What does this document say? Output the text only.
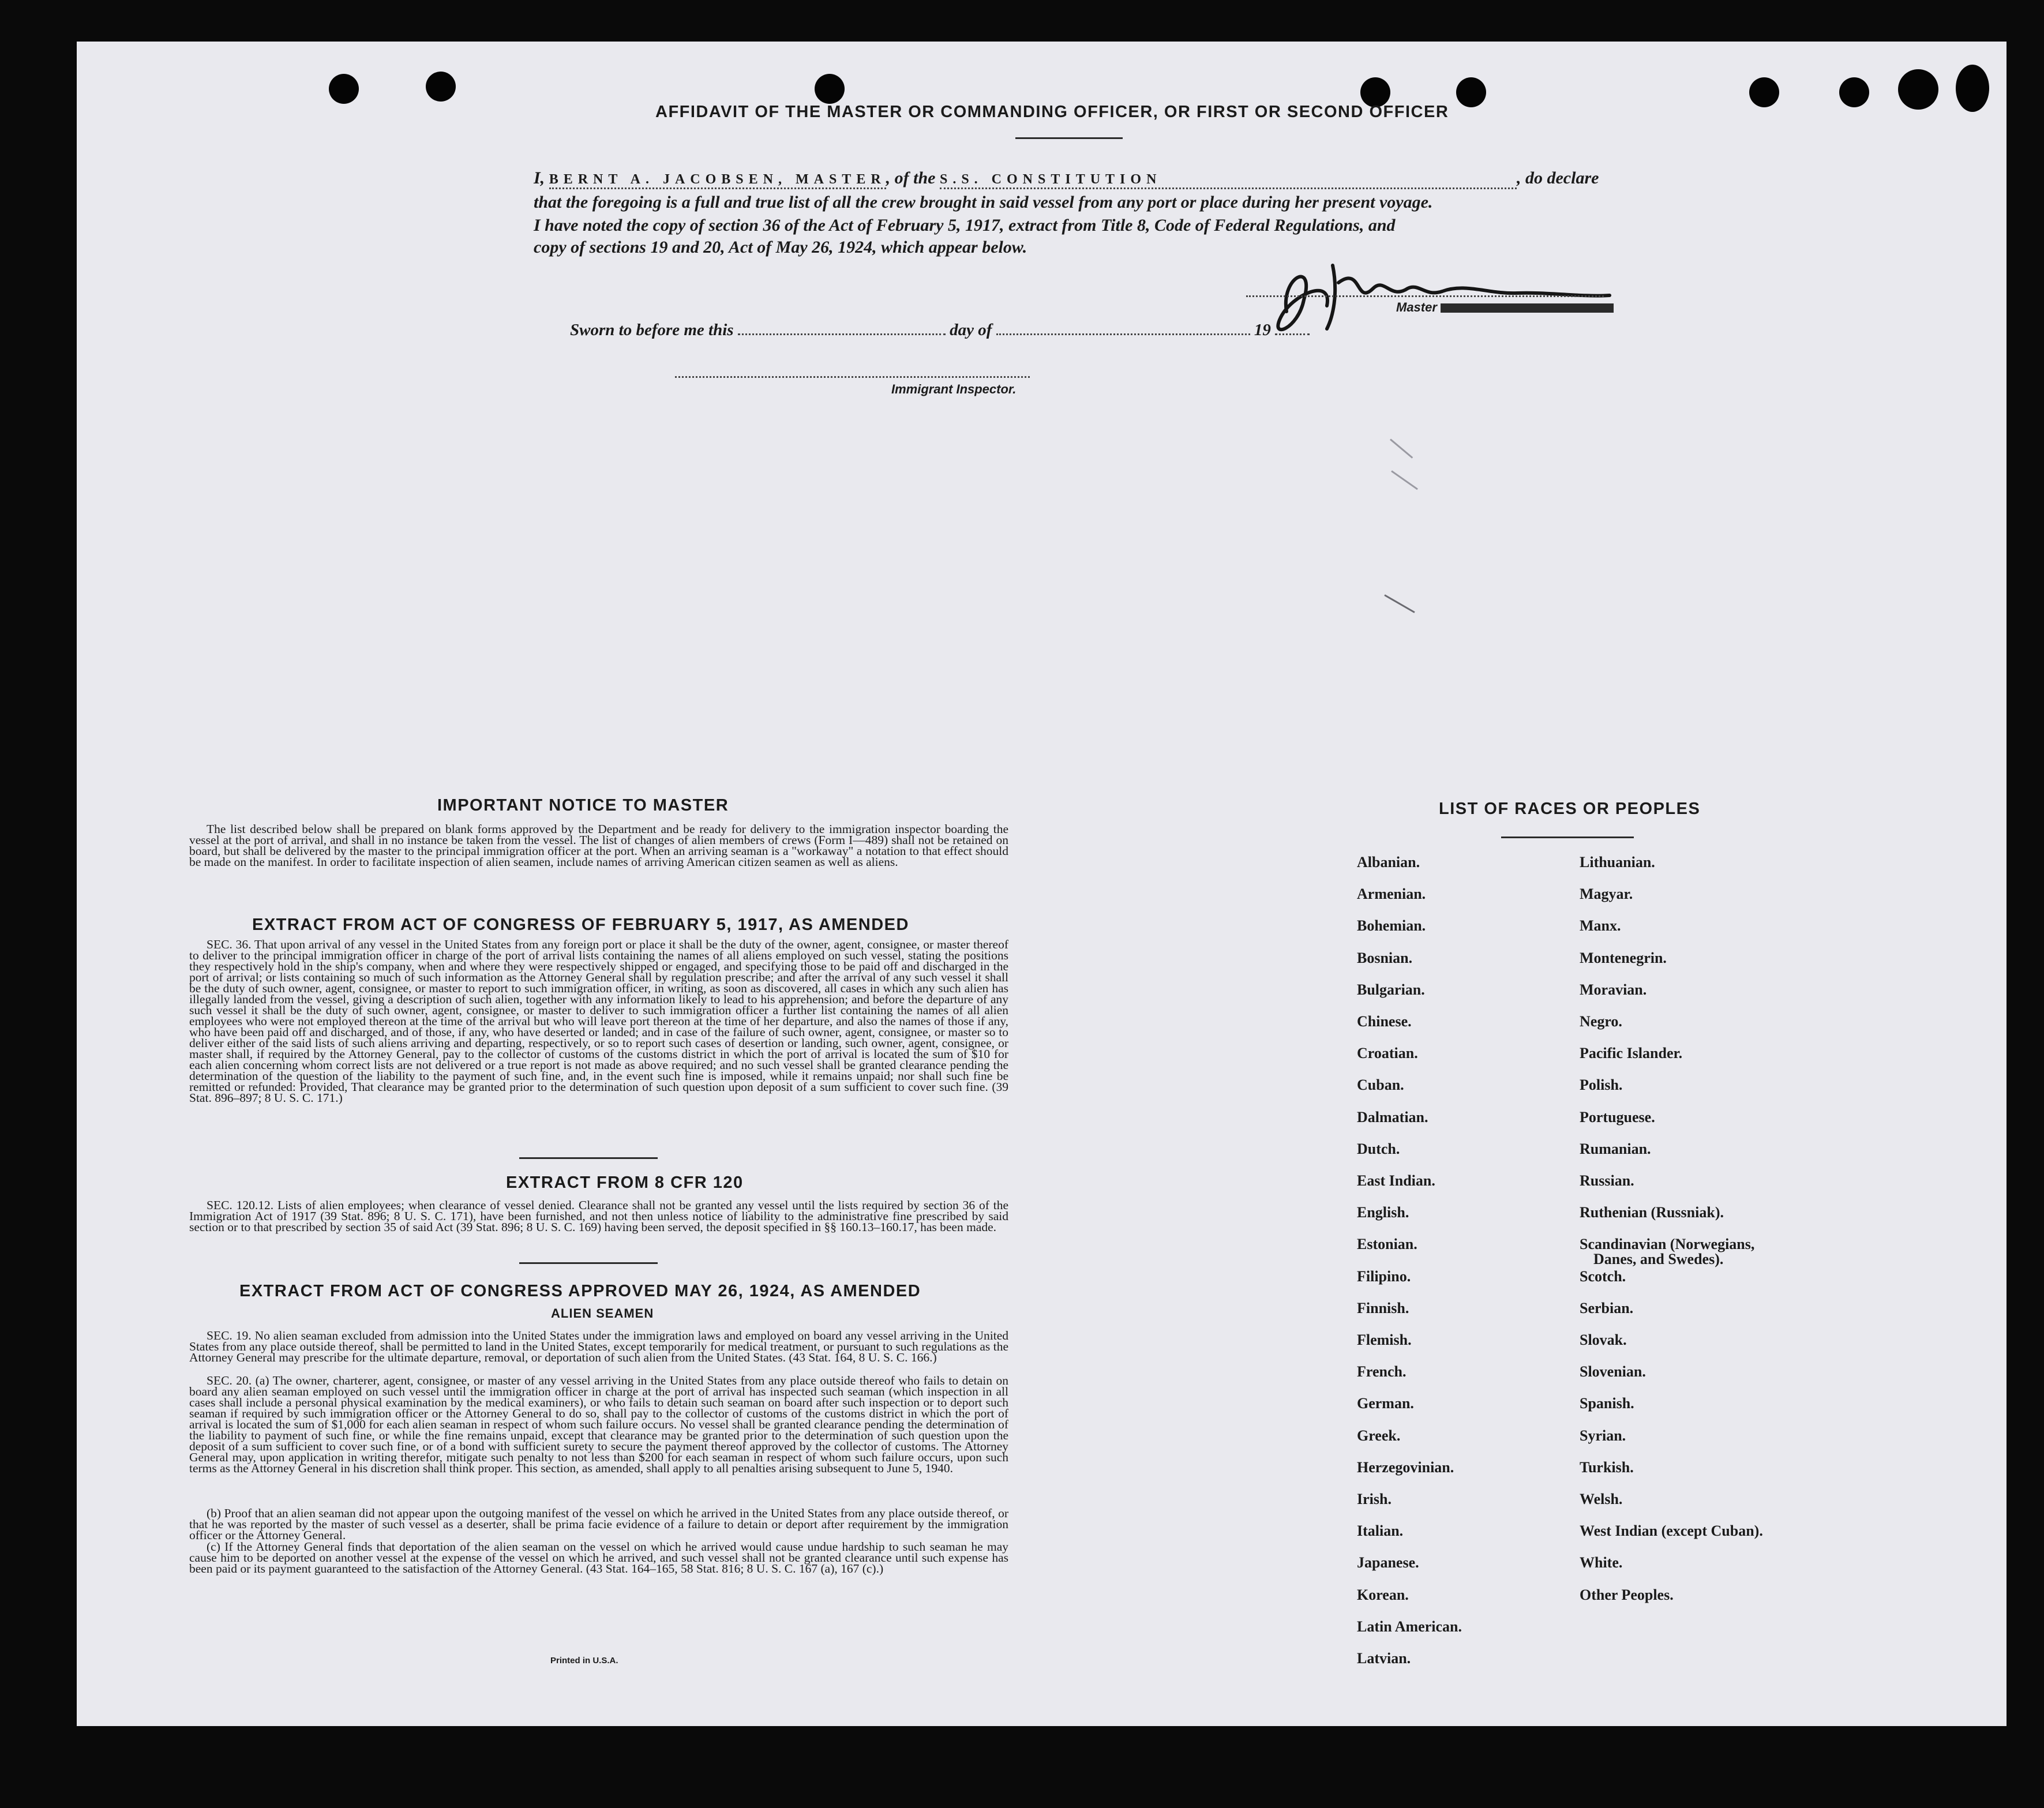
AFFIDAVIT OF THE MASTER OR COMMANDING OFFICER, OR FIRST OR SECOND OFFICER
I, BERNT A. JACOBSEN, MASTER, of the S.S. CONSTITUTION	, do declare
that the foregoing is a full and true list of all the crew brought in said vessel from any port or place during her present voyage.
I have noted the copy of section 36 of the Act of February 5, 1917, extract from Title 8, Code of Federal Regulations, and
copy of sections 19 and 20, Act of May 26, 1924, which appear below.
Master
Sworn to before me this	day of	19
Immigrant Inspector.
IMPORTANT NOTICE TO MASTER

The list described below shall be prepared on blank forms approved by the Department and be ready for delivery to the immigration inspector boarding the vessel at the port of arrival, and shall in no instance be taken from the vessel. The list of changes of alien members of crews (Form I—489) shall not be retained on board, but shall be delivered by the master to the principal immigration officer at the port. When an arriving seaman is a "workaway" a notation to that effect should be made on the manifest. In order to facilitate inspection of alien seamen, include names of arriving American citizen seamen as well as aliens.

EXTRACT FROM ACT OF CONGRESS OF FEBRUARY 5, 1917, AS AMENDED

SEC. 36. That upon arrival of any vessel in the United States from any foreign port or place it shall be the duty of the owner, agent, consignee, or master thereof to deliver to the principal immigration officer in charge of the port of arrival lists containing the names of all aliens employed on such vessel, stating the positions they respectively hold in the ship's company, when and where they were respectively shipped or engaged, and specifying those to be paid off and discharged in the port of arrival; or lists containing so much of such information as the Attorney General shall by regulation prescribe; and after the arrival of any such vessel it shall be the duty of such owner, agent, consignee, or master to report to such immigration officer, in writing, as soon as discovered, all cases in which any such alien has illegally landed from the vessel, giving a description of such alien, together with any information likely to lead to his apprehension; and before the departure of any such vessel it shall be the duty of such owner, agent, consignee, or master to deliver to such immigration officer a further list containing the names of all alien employees who were not employed thereon at the time of the arrival but who will leave port thereon at the time of her departure, and also the names of those if any, who have been paid off and discharged, and of those, if any, who have deserted or landed; and in case of the failure of such owner, agent, consignee, or master so to deliver either of the said lists of such aliens arriving and departing, respectively, or so to report such cases of desertion or landing, such owner, agent, consignee, or master shall, if required by the Attorney General, pay to the collector of customs of the customs district in which the port of arrival is located the sum of $10 for each alien concerning whom correct lists are not delivered or a true report is not made as above required; and no such vessel shall be granted clearance pending the determination of the question of the liability to the payment of such fine, and, in the event such fine is imposed, while it remains unpaid; nor shall such fine be remitted or refunded: Provided, That clearance may be granted prior to the determination of such question upon deposit of a sum sufficient to cover such fine. (39 Stat. 896–897; 8 U. S. C. 171.)

EXTRACT FROM 8 CFR 120

SEC. 120.12. Lists of alien employees; when clearance of vessel denied. Clearance shall not be granted any vessel until the lists required by section 36 of the Immigration Act of 1917 (39 Stat. 896; 8 U. S. C. 171), have been furnished, and not then unless notice of liability to the administrative fine prescribed by said section or to that prescribed by section 35 of said Act (39 Stat. 896; 8 U. S. C. 169) having been served, the deposit specified in §§ 160.13–160.17, has been made.

EXTRACT FROM ACT OF CONGRESS APPROVED MAY 26, 1924, AS AMENDED
ALIEN SEAMEN

SEC. 19. No alien seaman excluded from admission into the United States under the immigration laws and employed on board any vessel arriving in the United States from any place outside thereof, shall be permitted to land in the United States, except temporarily for medical treatment, or pursuant to such regulations as the Attorney General may prescribe for the ultimate departure, removal, or deportation of such alien from the United States. (43 Stat. 164, 8 U. S. C. 166.)

SEC. 20. (a) The owner, charterer, agent, consignee, or master of any vessel arriving in the United States from any place outside thereof who fails to detain on board any alien seaman employed on such vessel until the immigration officer in charge at the port of arrival has inspected such seaman (which inspection in all cases shall include a personal physical examination by the medical examiners), or who fails to detain such seaman on board after such inspection or to deport such seaman if required by such immigration officer or the Attorney General to do so, shall pay to the collector of customs of the customs district in which the port of arrival is located the sum of $1,000 for each alien seaman in respect of whom such failure occurs. No vessel shall be granted clearance pending the determination of the liability to payment of such fine, or while the fine remains unpaid, except that clearance may be granted prior to the determination of such question upon the deposit of a sum sufficient to cover such fine, or of a bond with sufficient surety to secure the payment thereof approved by the collector of customs. The Attorney General may, upon application in writing therefor, mitigate such penalty to not less than $200 for each seaman in respect of whom such failure occurs, upon such terms as the Attorney General in his discretion shall think proper. This section, as amended, shall apply to all penalties arising subsequent to June 5, 1940.

(b) Proof that an alien seaman did not appear upon the outgoing manifest of the vessel on which he arrived in the United States from any place outside thereof, or that he was reported by the master of such vessel as a deserter, shall be prima facie evidence of a failure to detain or deport after requirement by the immigration officer or the Attorney General.

(c) If the Attorney General finds that deportation of the alien seaman on the vessel on which he arrived would cause undue hardship to such seaman he may cause him to be deported on another vessel at the expense of the vessel on which he arrived, and such vessel shall not be granted clearance until such expense has been paid or its payment guaranteed to the satisfaction of the Attorney General. (43 Stat. 164–165, 58 Stat. 816; 8 U. S. C. 167 (a), 167 (c).)

Printed in U.S.A.
LIST OF RACES OR PEOPLES
Albanian.
Armenian.
Bohemian.
Bosnian.
Bulgarian.
Chinese.
Croatian.
Cuban.
Dalmatian.
Dutch.
East Indian.
English.
Estonian.
Filipino.
Finnish.
Flemish.
French.
German.
Greek.
Herzegovinian.
Irish.
Italian.
Japanese.
Korean.
Latin American.
Latvian.
Lithuanian.
Magyar.
Manx.
Montenegrin.
Moravian.
Negro.
Pacific Islander.
Polish.
Portuguese.
Rumanian.
Russian.
Ruthenian (Russniak).
Scandinavian (Norwegians,
Danes, and Swedes).
Scotch.
Serbian.
Slovak.
Slovenian.
Spanish.
Syrian.
Turkish.
Welsh.
West Indian (except Cuban).
White.
Other Peoples.
